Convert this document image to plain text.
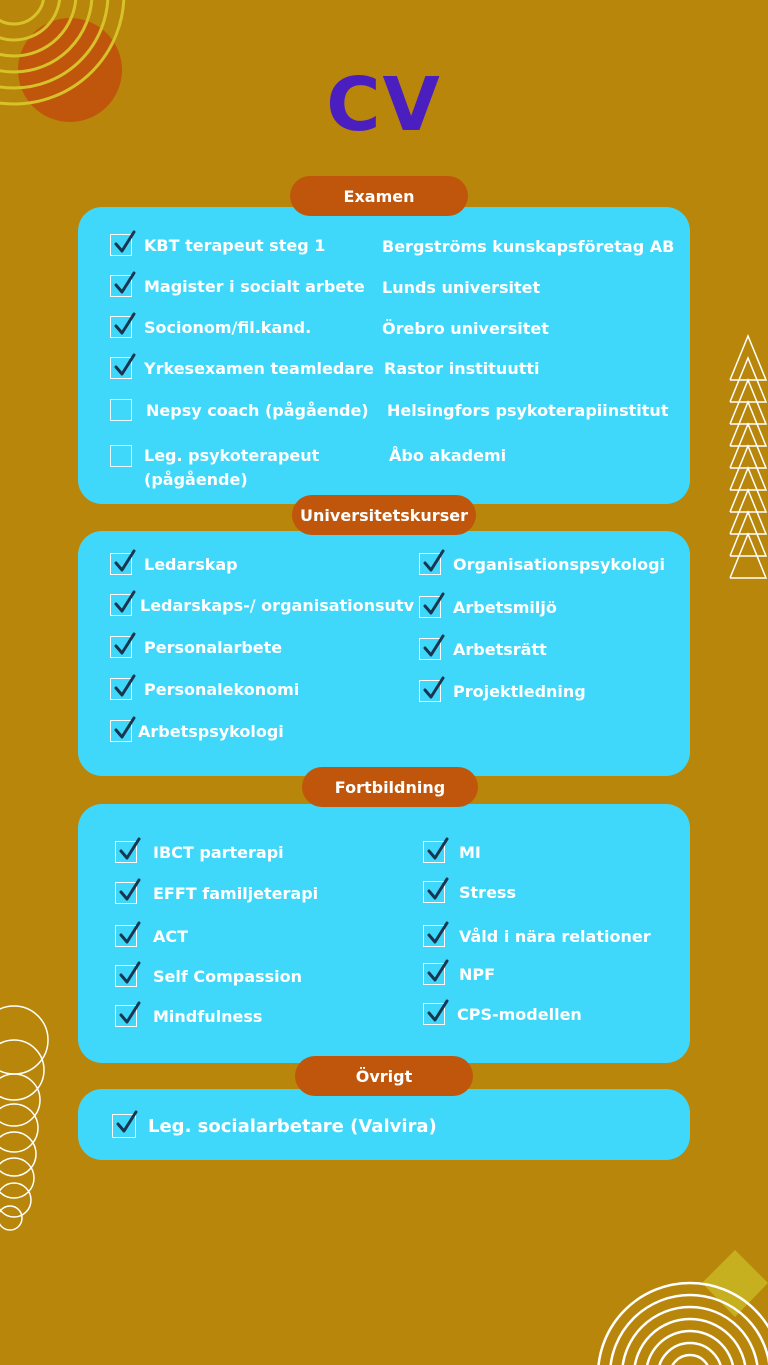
CV
Examen
KBT terapeut steg 1	Bergströms kunskapsföretag AB
Magister i socialt arbete Lunds universitet
Socionom/fil.kand.	Örebro universitet
Yrkesexamen teamledare Rastor instituutti
Nepsy coach (pågående) Helsingfors psykoterapiinstitut
Leg. psykoterapeut
(pågående)
Åbo akademi
Universitetskurser
Ledarskap
Ledarskaps-/ organisationsutv
Personalarbete
Personalekonomi
Arbetspsykologi
Organisationspsykologi
Arbetsmiljö
Arbetsrätt
Projektledning
Fortbildning
IBCT parterapi
EFFT familjeterapi
ACT
Self Compassion
Mindfulness
MI
Stress
Våld i nära relationer
NPF
CPS-modellen
Övrigt
Leg. socialarbetare (Valvira)
